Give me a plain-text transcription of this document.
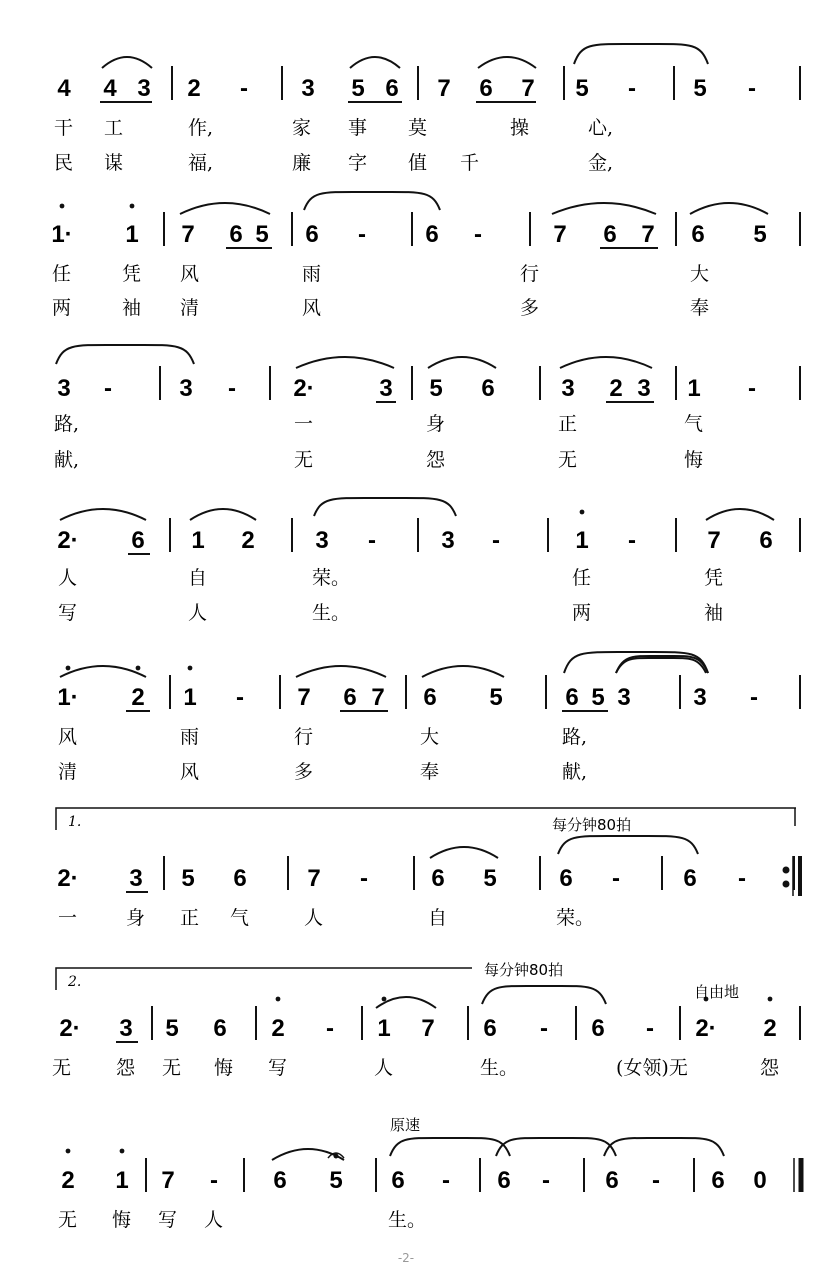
1.
2.
每分钟80拍
每分钟80拍
自由地
原速
4 4 3 2 - 3 5 6 7 6 7 5 - 5 -
干 工	作,	家 事 莫	操	心,
民 谋	福,	廉 字 值 千	金,
1· 1 7 6 5 6 - 6 -	7 6 7 6 5
任	凭 风	雨	行	大
两	袖 清	风	多	奉
3 -	3 - 2·	3 5 6	3 2 3 1 -
路,	一	身	正	气
献,	无	怨	无	悔
2· 6 1 2	3 -	3 -	1 -	7 6
人	自	荣。	任	凭
写	人	生。	两	袖
1· 2 1 - 7 6 7 6 5	6 5 3	3 -
风	雨	行	大	路,
清	风	多	奉	献,
2· 3 5 6	7 -	6 5	6 -	6 -
一	身 正 气	人	自	荣。
2· 3 5 6 2 - 1 7 6 - 6 - 2· 2
无 怨 无 悔 写	人	生。	(女领)无	怨
2 1 7 - 6 5 6 - 6 - 6 - 6 0
无 悔 写 人	生。
-2-
